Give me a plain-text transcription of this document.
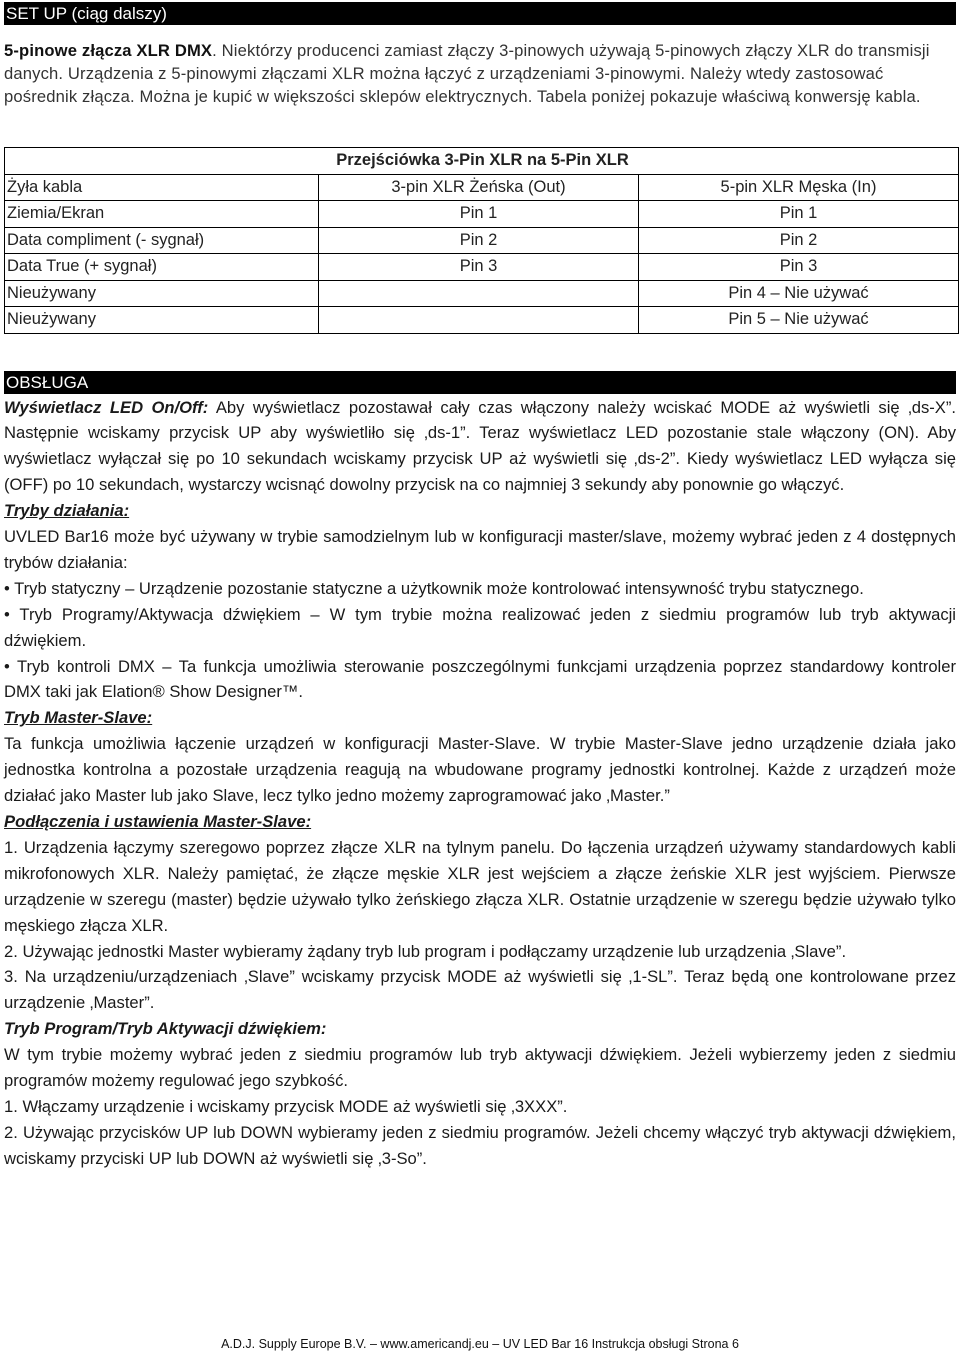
SET UP (ciąg dalszy)

5-pinowe złącza XLR DMX. Niektórzy producenci zamiast złączy 3-pinowych używają 5-pinowych złączy XLR do transmisji danych. Urządzenia z 5-pinowymi złączami XLR można łączyć z urządzeniami 3-pinowymi. Należy wtedy zastosować pośrednik złącza. Można je kupić w większości sklepów elektrycznych. Tabela poniżej pokazuje właściwą konwersję kabla.

Przejściówka 3-Pin XLR na 5-Pin XLR		
Żyła kabla	3-pin XLR Żeńska (Out)	5-pin XLR Męska (In)
Ziemia/Ekran	Pin 1	Pin 1
Data compliment (- sygnał)	Pin 2	Pin 2
Data True (+ sygnał)	Pin 3	Pin 3
Nieużywany		Pin 4 – Nie używać
Nieużywany		Pin 5 – Nie używać
OBSŁUGA

Wyświetlacz LED On/Off: Aby wyświetlacz pozostawał cały czas włączony należy wciskać MODE aż wyświetli się ‚ds-X”. Następnie wciskamy przycisk UP aby wyświetliło się ‚ds-1”. Teraz wyświetlacz LED pozostanie stale włączony (ON). Aby wyświetlacz wyłączał się po 10 sekundach wciskamy przycisk UP aż wyświetli się ‚ds-2”. Kiedy wyświetlacz LED wyłącza się (OFF) po 10 sekundach, wystarczy wcisnąć dowolny przycisk na co najmniej 3 sekundy aby ponownie go włączyć.

Tryby działania:

UVLED Bar16 może być używany w trybie samodzielnym lub w konfiguracji master/slave, możemy wybrać jeden z 4 dostępnych trybów działania:

• Tryb statyczny – Urządzenie pozostanie statyczne a użytkownik może kontrolować intensywność trybu statycznego.

• Tryb Programy/Aktywacja dźwiękiem – W tym trybie można realizować jeden z siedmiu programów lub tryb aktywacji dźwiękiem.

• Tryb kontroli DMX – Ta funkcja umożliwia sterowanie poszczególnymi funkcjami urządzenia poprzez standardowy kontroler DMX taki jak Elation® Show Designer™.

Tryb Master-Slave:

Ta funkcja umożliwia łączenie urządzeń w konfiguracji Master-Slave. W trybie Master-Slave jedno urządzenie działa jako jednostka kontrolna a pozostałe urządzenia reagują na wbudowane programy jednostki kontrolnej. Każde z urządzeń może działać jako Master lub jako Slave, lecz tylko jedno możemy zaprogramować jako ‚Master.”

Podłączenia i ustawienia Master-Slave:

1. Urządzenia łączymy szeregowo poprzez złącze XLR na tylnym panelu. Do łączenia urządzeń używamy standardowych kabli mikrofonowych XLR. Należy pamiętać, że złącze męskie XLR jest wejściem a złącze żeńskie XLR jest wyjściem. Pierwsze urządzenie w szeregu (master) będzie używało tylko żeńskiego złącza XLR. Ostatnie urządzenie w szeregu będzie używało tylko męskiego złącza XLR.

2. Używając jednostki Master wybieramy żądany tryb lub program i podłączamy urządzenie lub urządzenia ‚Slave”.

3. Na urządzeniu/urządzeniach ‚Slave” wciskamy przycisk MODE aż wyświetli się ‚1-SL”. Teraz będą one kontrolowane przez urządzenie ‚Master”.

Tryb Program/Tryb Aktywacji dźwiękiem:

W tym trybie możemy wybrać jeden z siedmiu programów lub tryb aktywacji dźwiękiem. Jeżeli wybierzemy jeden z siedmiu programów możemy regulować jego szybkość.

1. Włączamy urządzenie i wciskamy przycisk MODE aż wyświetli się ‚3XXX”.

2. Używając przycisków UP lub DOWN wybieramy jeden z siedmiu programów. Jeżeli chcemy włączyć tryb aktywacji dźwiękiem, wciskamy przyciski UP lub DOWN aż wyświetli się ‚3-So”.

A.D.J. Supply Europe B.V. – www.americandj.eu – UV LED Bar 16 Instrukcja obsługi Strona 6
